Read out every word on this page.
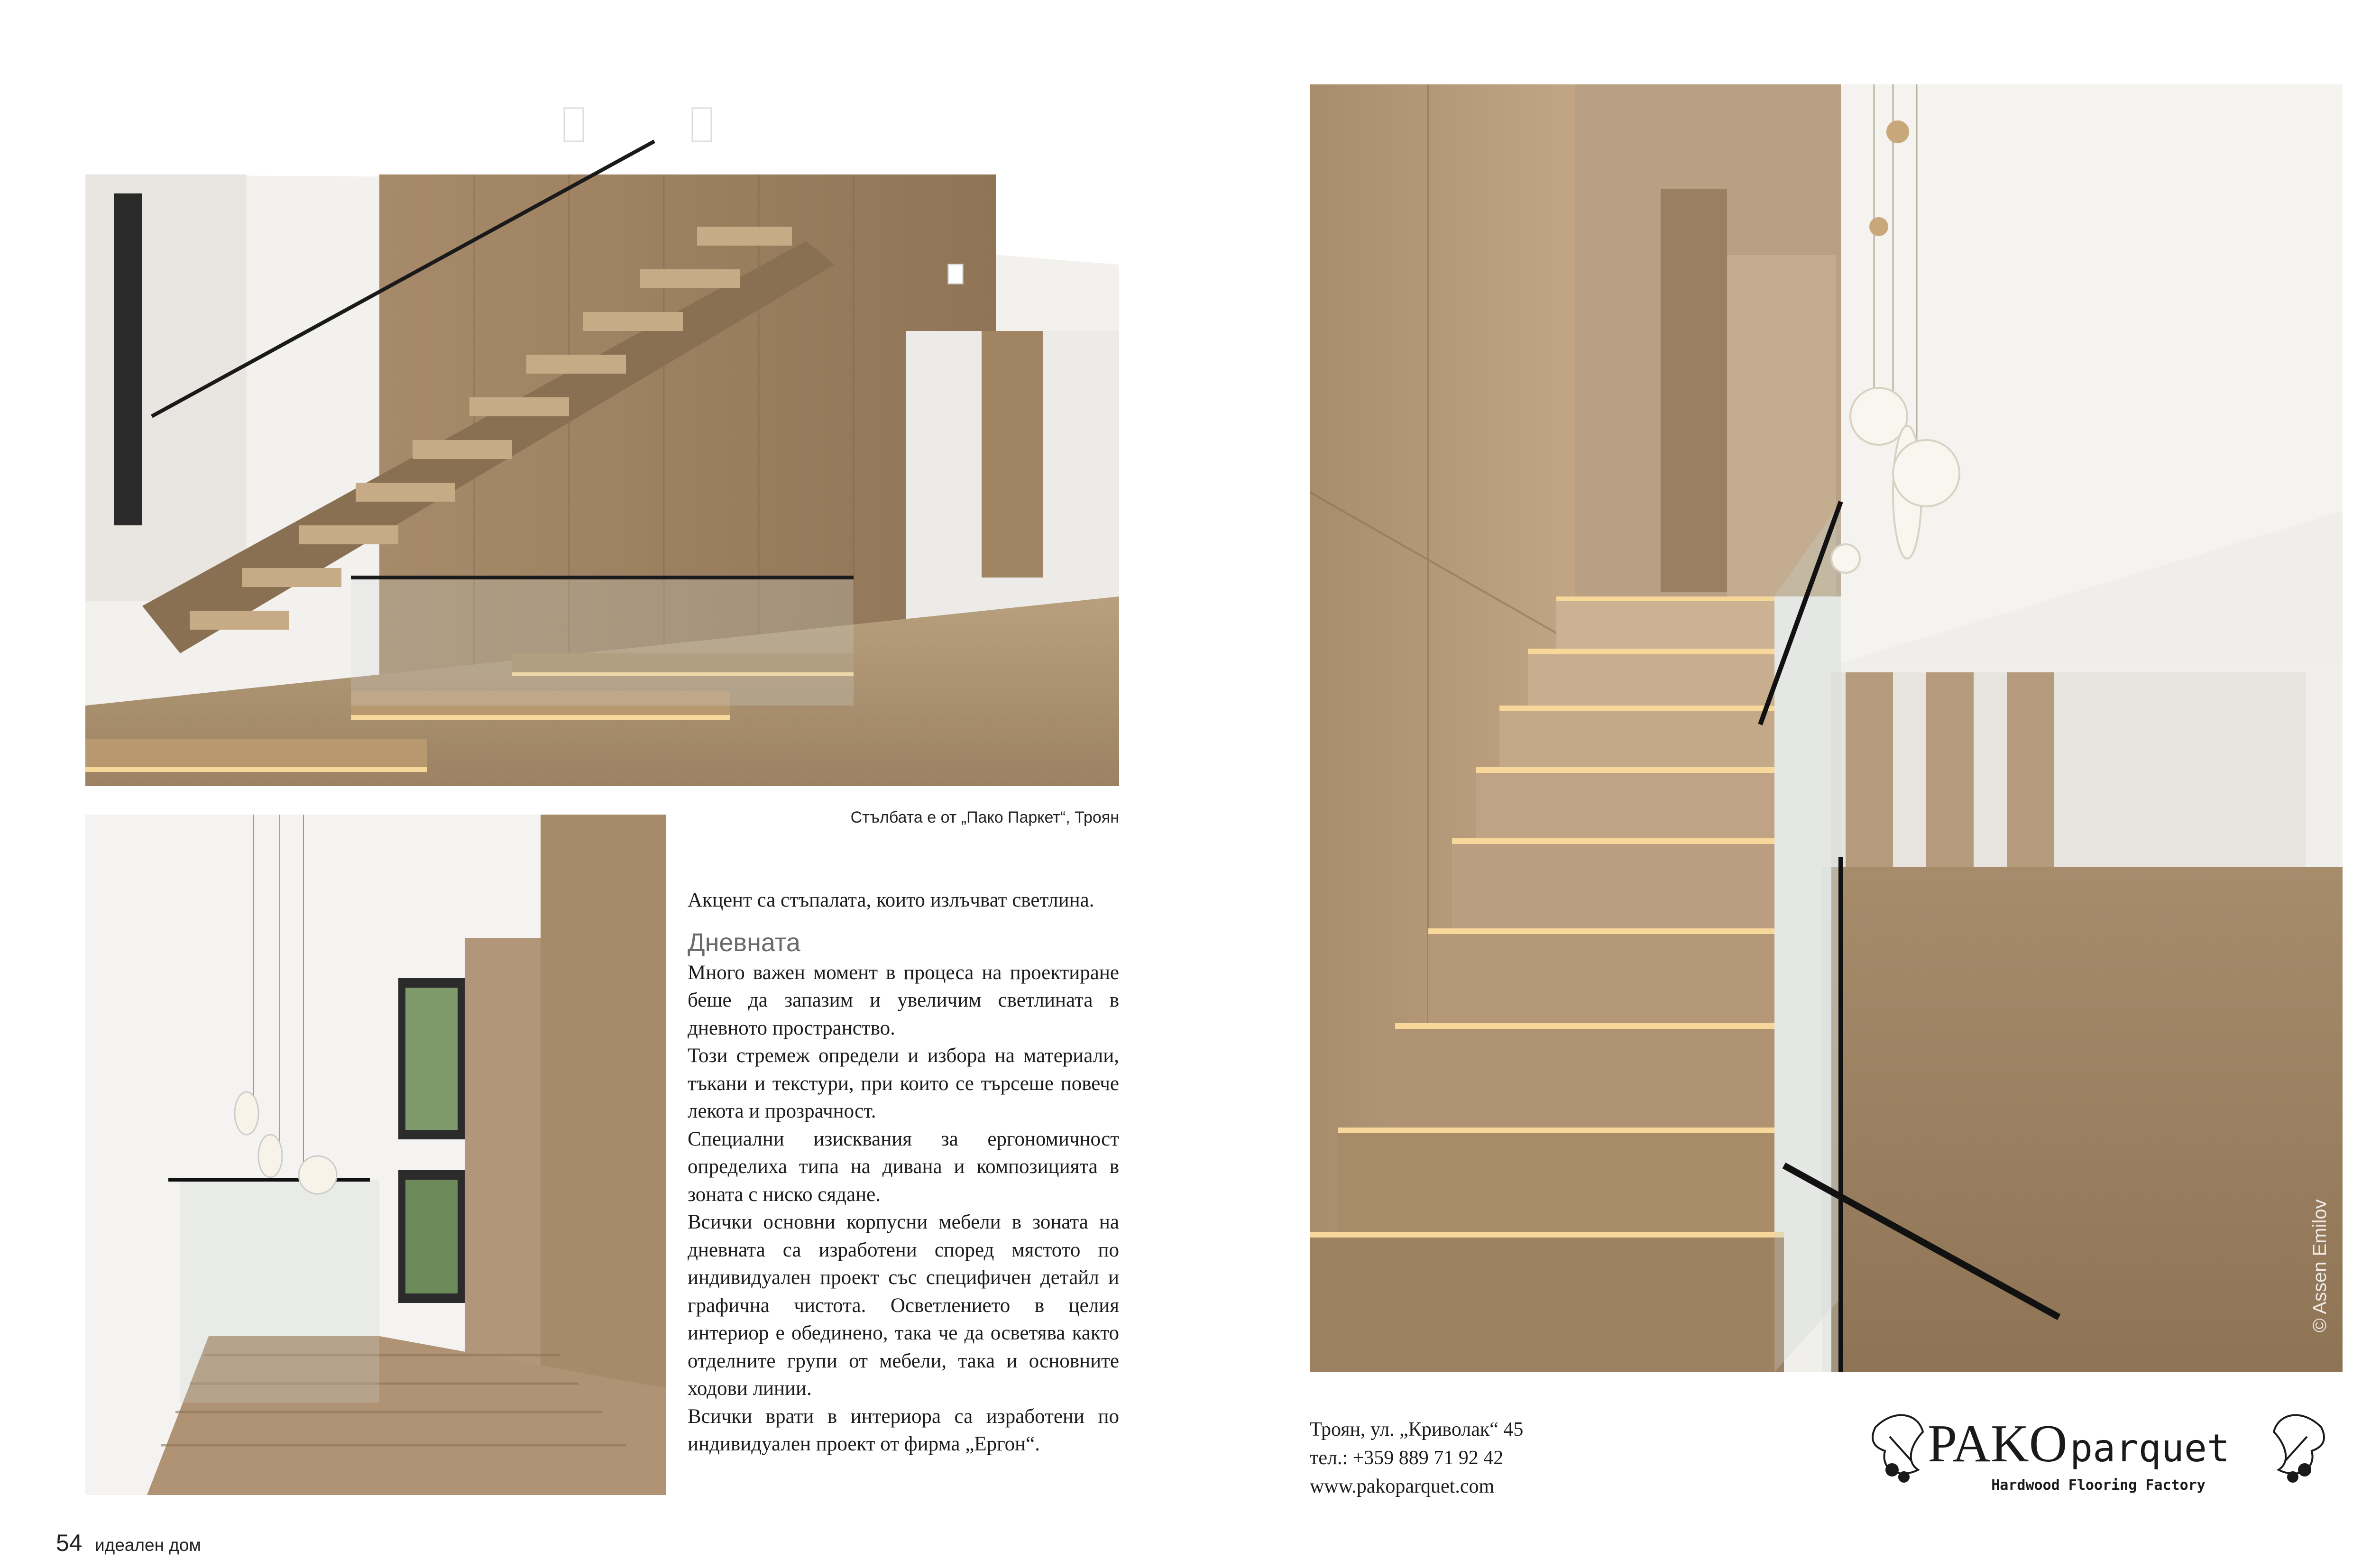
Стълбата е от „Пако Паркет“, Троян

Акцент са стъпалата, които излъчват светлина.

Дневната

Много важен момент в процеса на проектиране беше да запазим и увеличим светлината в дневното пространство.

Този стремеж определи и избора на материали, тъкани и текстури, при които се търсеше повече лекота и прозрачност.

Специални изисквания за ергономичност определиха типа на дивана и композицията в зоната с ниско сядане.

Всички основни корпусни мебели в зоната на дневната са изработени според мястото по индивидуален проект със специфичен детайл и графична чистота. Осветлението в целия интериор е обединено, така че да осветява както отделните групи от мебели, така и основните ходови линии.

Всички врати в интериора са изработени по индивидуален проект от фирма „Ергон“.

54 идеален дом
Троян, ул. „Криволак“ 45
тел.: +359 889 71 92 42
www.pakoparquet.com
PAKO parquet
Hardwood Flooring Factory
© Assen Emilov
